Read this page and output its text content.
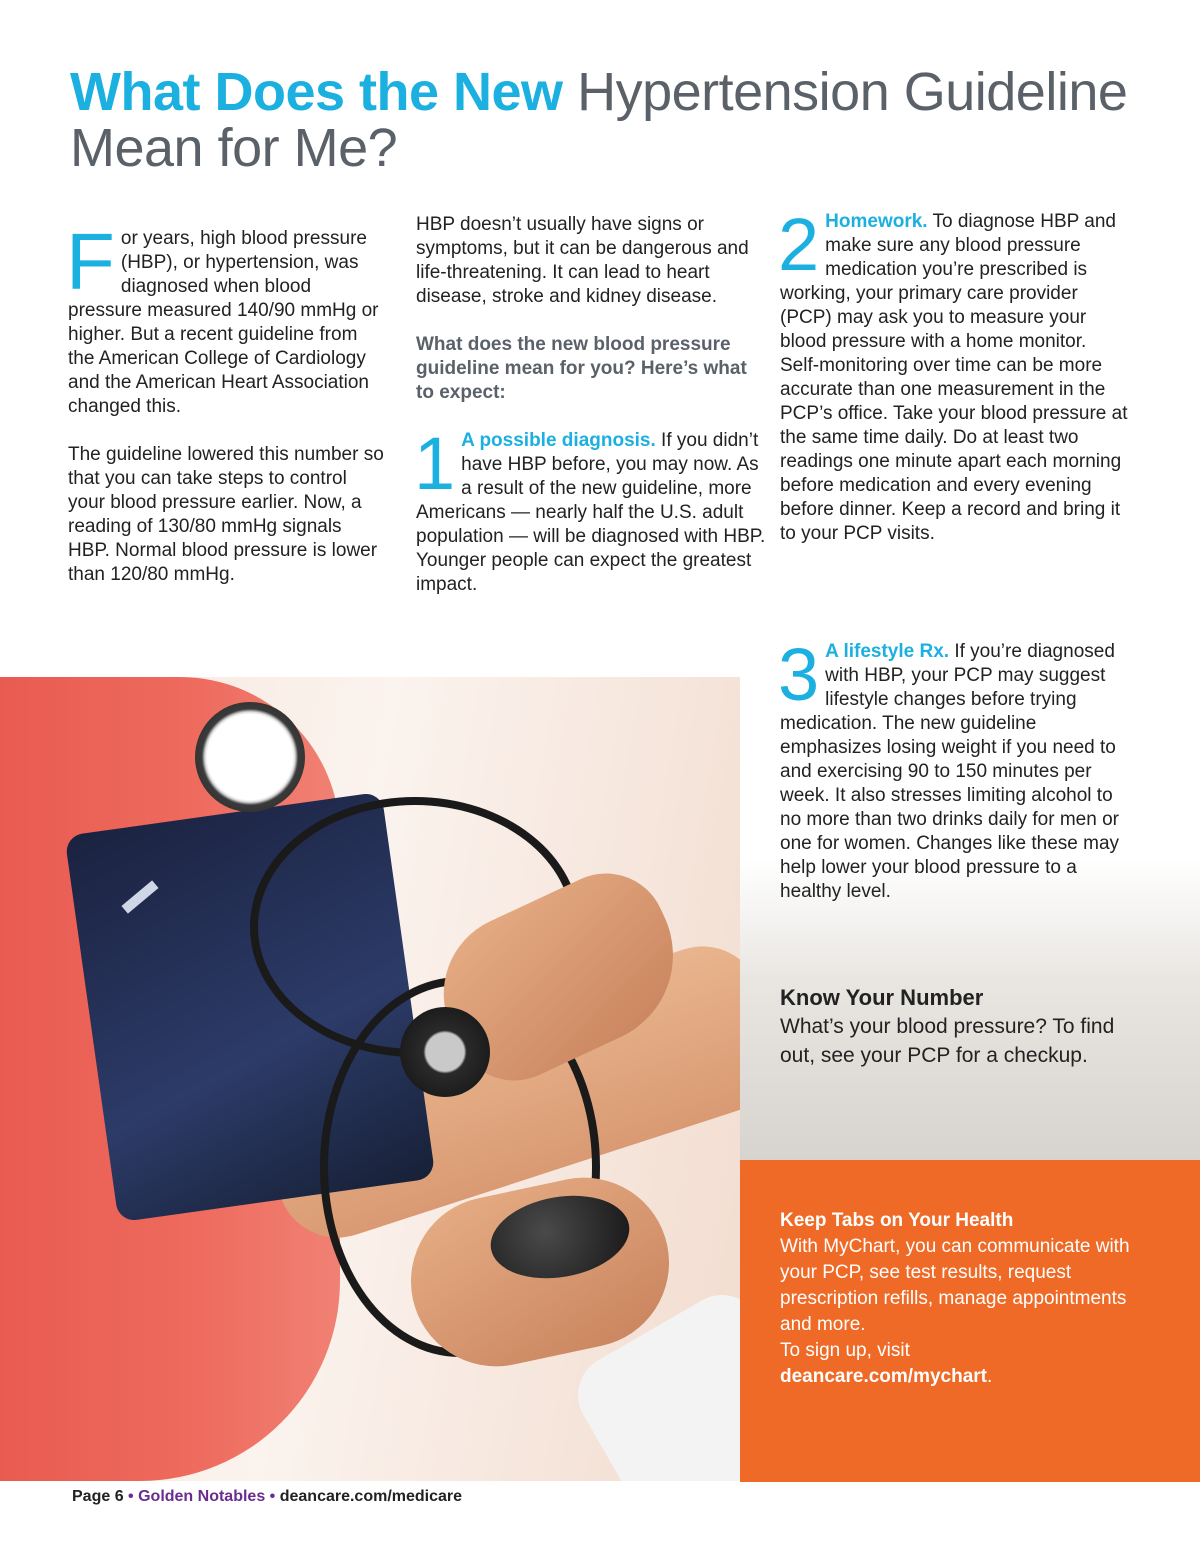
What Does the New Hypertension Guideline Mean for Me?

For years, high blood pressure (HBP), or hypertension, was diagnosed when blood pressure measured 140/90 mmHg or higher. But a recent guideline from the American College of Cardiology and the American Heart Association changed this.

The guideline lowered this number so that you can take steps to control your blood pressure earlier. Now, a reading of 130/80 mmHg signals HBP. Normal blood pressure is lower than 120/80 mmHg.

HBP doesn’t usually have signs or symptoms, but it can be dangerous and life-threatening. It can lead to heart disease, stroke and kidney disease.

What does the new blood pressure guideline mean for you? Here’s what to expect:

1 A possible diagnosis. If you didn’t have HBP before, you may now. As a result of the new guideline, more Americans — nearly half the U.S. adult population — will be diagnosed with HBP. Younger people can expect the greatest impact.

2 Homework. To diagnose HBP and make sure any blood pressure medication you’re prescribed is working, your primary care provider (PCP) may ask you to measure your blood pressure with a home monitor. Self-monitoring over time can be more accurate than one measurement in the PCP’s office. Take your blood pressure at the same time daily. Do at least two readings one minute apart each morning before medication and every evening before dinner. Keep a record and bring it to your PCP visits.

3 A lifestyle Rx. If you’re diagnosed with HBP, your PCP may suggest lifestyle changes before trying medication. The new guideline emphasizes losing weight if you need to and exercising 90 to 150 minutes per week. It also stresses limiting alcohol to no more than two drinks daily for men or one for women. Changes like these may help lower your blood pressure to a healthy level.

Know Your Number

What’s your blood pressure? To find out, see your PCP for a checkup.

Keep Tabs on Your Health
With MyChart, you can communicate with your PCP, see test results, request prescription refills, manage appointments and more.
To sign up, visit
deancare.com/mychart.
Page 6 • Golden Notables • deancare.com/medicare
